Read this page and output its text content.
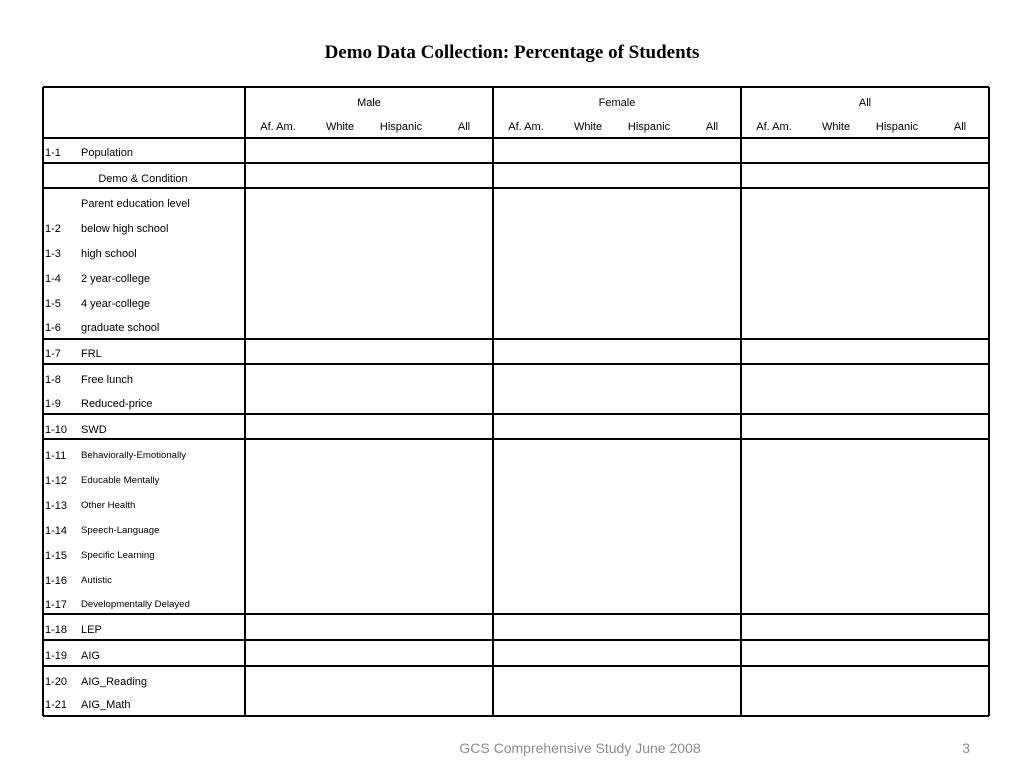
Demo Data Collection: Percentage of Students
Male
Af. Am.	White	Hispanic	All
Female
Af. Am.	White	Hispanic	All
All
Af. Am.	White	Hispanic	All
1-1 Population
Demo & Condition
Parent education level
1-2 below high school
1-3 high school
1-4 2 year-college
1-5 4 year-college
1-6 graduate school
1-7 FRL
1-8 Free lunch
1-9 Reduced-price
1-10 SWD
1-11 Behaviorally-Emotionally
1-12 Educable Mentally
1-13 Other Health
1-14 Speech-Language
1-15 Specific Learning
1-16 Autistic
1-17 Developmentally Delayed
1-18 LEP
1-19 AIG
1-20 AIG_Reading
1-21 AIG_Math
GCS Comprehensive Study June 2008	3
